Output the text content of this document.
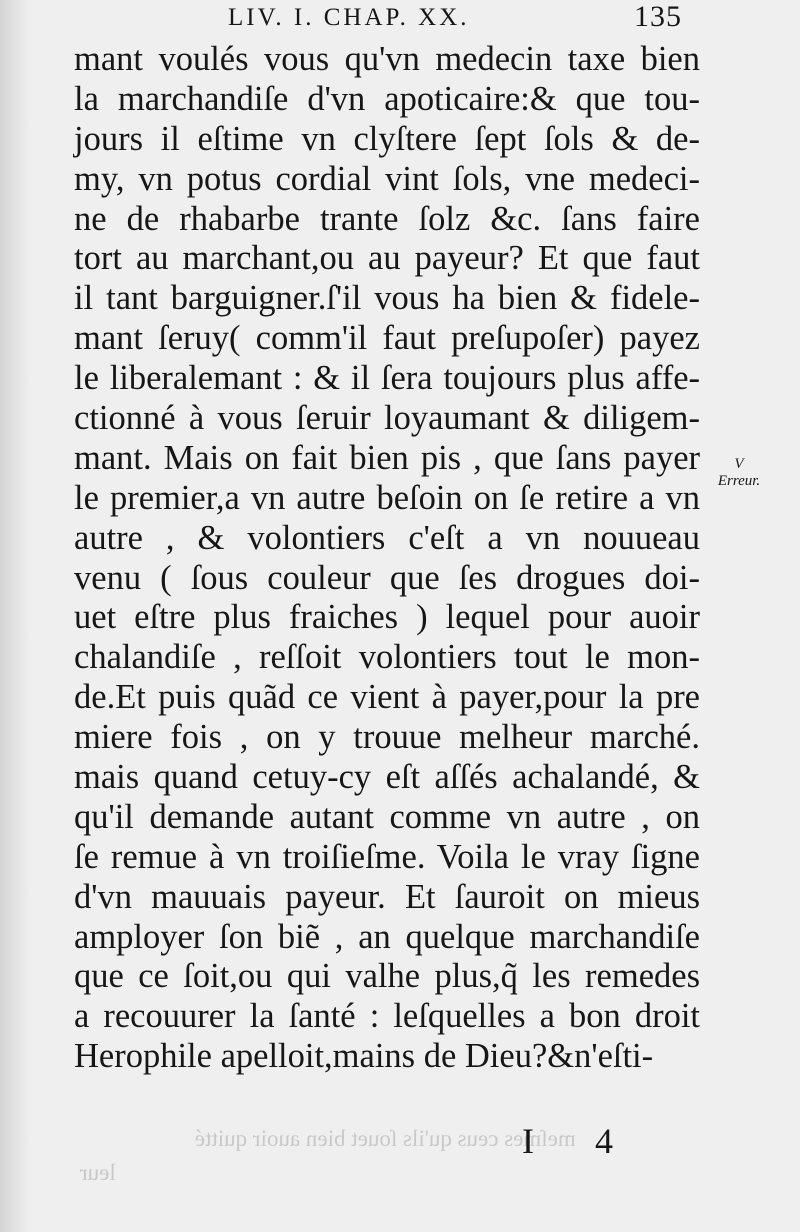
LIV. I. CHAP. XX.	135
meſmes ceus qu'ils ſouet bien auoir quitté
leur
mant voulés vous qu'vn medecin taxe bien
la marchandiſe d'vn apoticaire:& que tou-
jours il eſtime vn clyſtere ſept ſols & de-
my, vn potus cordial vint ſols, vne medeci-
ne de rhabarbe trante ſolz &c. ſans faire
tort au marchant,ou au payeur? Et que faut
il tant barguigner.ſ'il vous ha bien & fidele-
mant ſeruy( comm'il faut preſupoſer) payez
le liberalemant : & il ſera toujours plus affe-
ctionné à vous ſeruir loyaumant & diligem-
mant. Mais on fait bien pis , que ſans payer
le premier,a vn autre beſoin on ſe retire a vn
autre , & volontiers c'eſt a vn nouueau
venu ( ſous couleur que ſes drogues doi-
uet eſtre plus fraiches ) lequel pour auoir
chalandiſe , reſſoit volontiers tout le mon-
de.Et puis quãd ce vient à payer,pour la pre
miere fois , on y trouue melheur marché.
mais quand cetuy-cy eſt aſſés achalandé, &
qu'il demande autant comme vn autre , on
ſe remue à vn troiſieſme. Voila le vray ſigne
d'vn mauuais payeur. Et ſauroit on mieus
amployer ſon biẽ , an quelque marchandiſe
que ce ſoit,ou qui valhe plus,q̃ les remedes
a recouurer la ſanté : leſquelles a bon droit
Herophile apelloit,mains de Dieu?&n'eſti-
V
Erreur.
I 4
